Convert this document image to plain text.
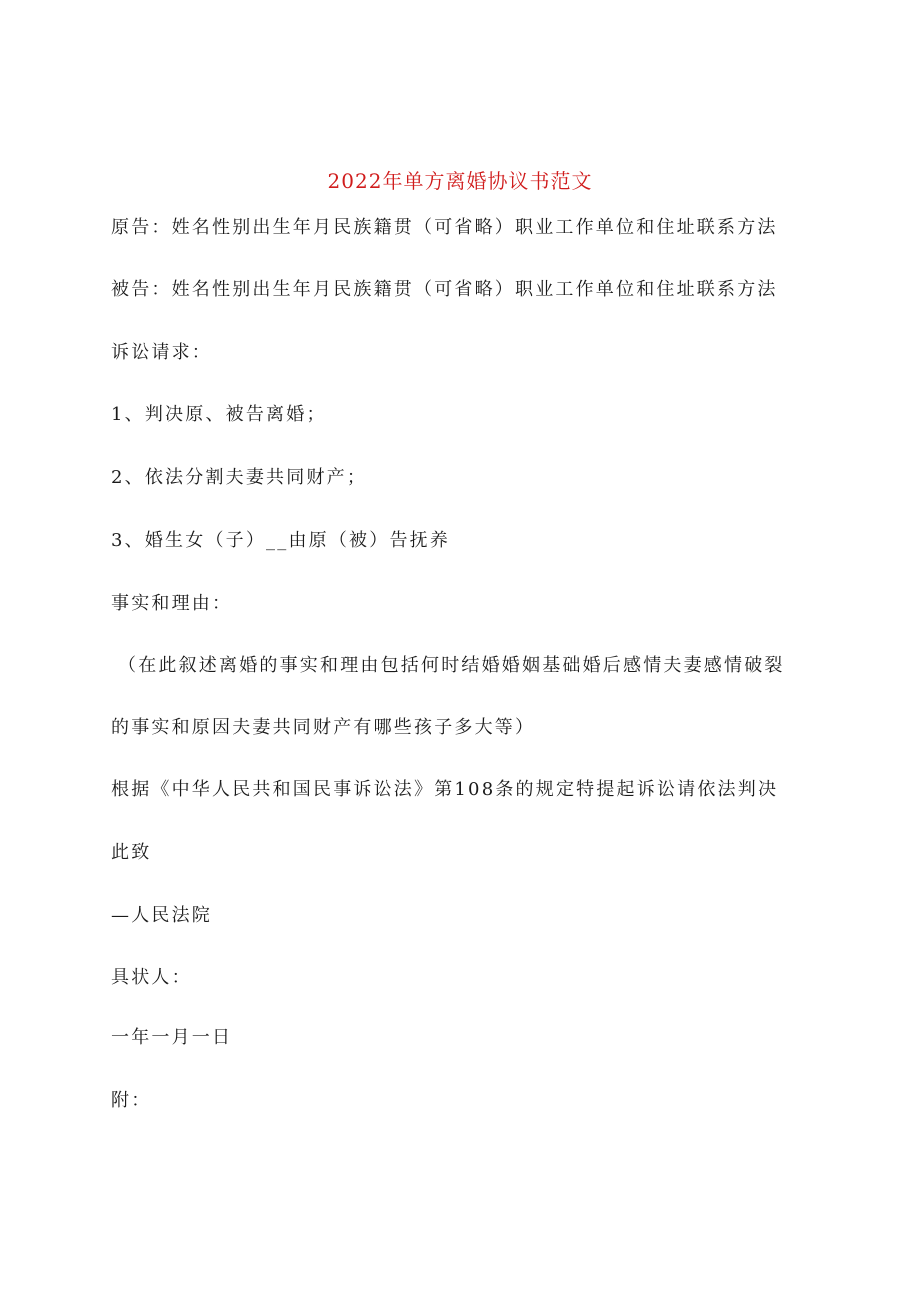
2022年单方离婚协议书范文
原告：姓名性别出生年月民族籍贯（可省略）职业工作单位和住址联系方法
被告：姓名性别出生年月民族籍贯（可省略）职业工作单位和住址联系方法
诉讼请求：
1、判决原、被告离婚；
2、依法分割夫妻共同财产；
3、婚生女（子）__由原（被）告抚养
事实和理由：
（在此叙述离婚的事实和理由包括何时结婚婚姻基础婚后感情夫妻感情破裂
的事实和原因夫妻共同财产有哪些孩子多大等）
根据《中华人民共和国民事诉讼法》第108条的规定特提起诉讼请依法判决
此致
—人民法院
具状人：
一年一月一日
附：
